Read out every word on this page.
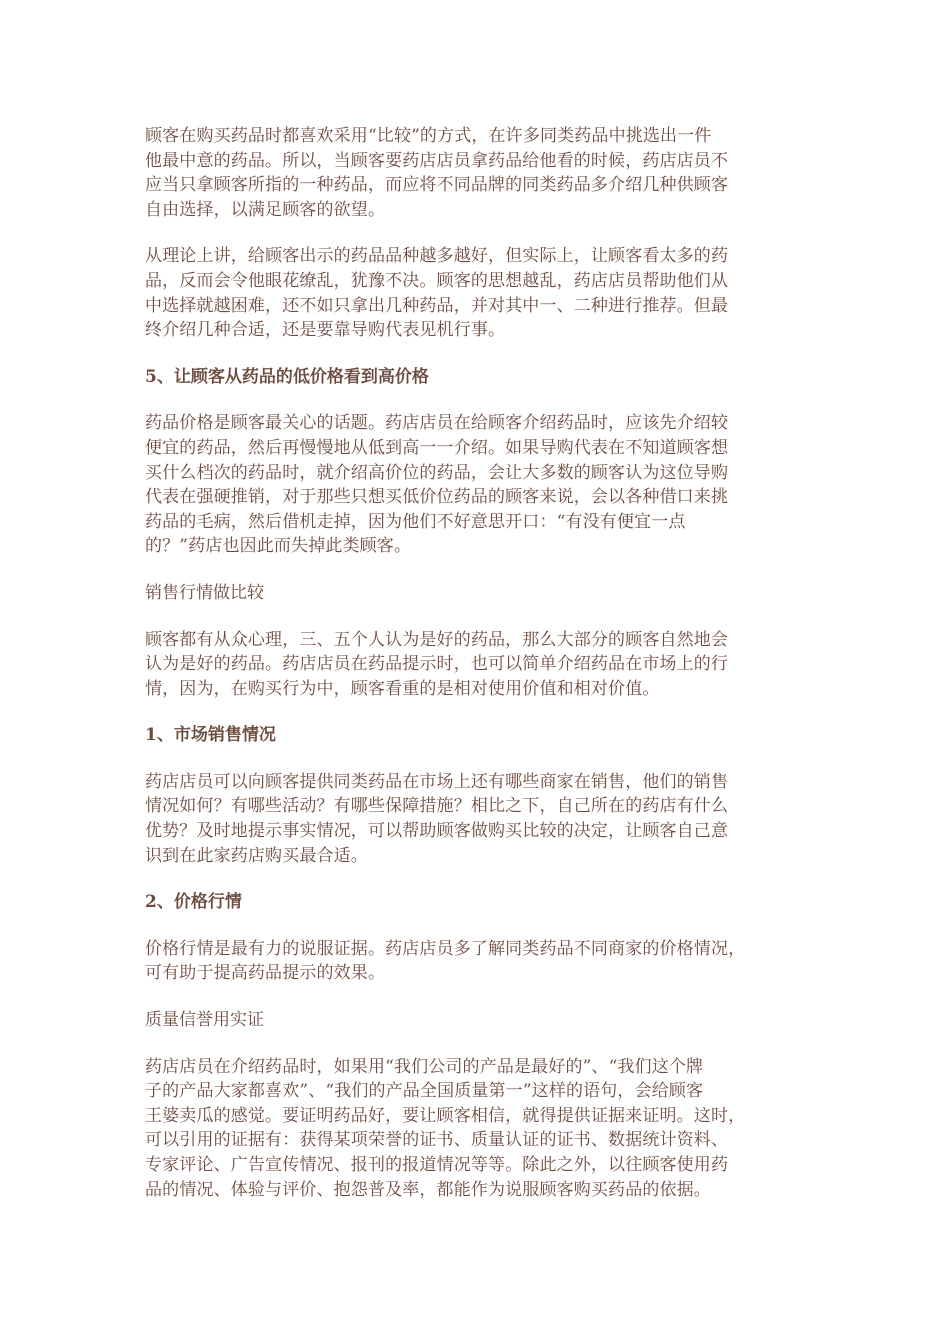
顾客在购买药品时都喜欢采用“比较”的方式，在许多同类药品中挑选出一件
他最中意的药品。所以，当顾客要药店店员拿药品给他看的时候，药店店员不
应当只拿顾客所指的一种药品，而应将不同品牌的同类药品多介绍几种供顾客
自由选择，以满足顾客的欲望。

从理论上讲，给顾客出示的药品品种越多越好，但实际上，让顾客看太多的药
品，反而会令他眼花缭乱，犹豫不决。顾客的思想越乱，药店店员帮助他们从
中选择就越困难，还不如只拿出几种药品，并对其中一、二种进行推荐。但最
终介绍几种合适，还是要靠导购代表见机行事。

5、让顾客从药品的低价格看到高价格

药品价格是顾客最关心的话题。药店店员在给顾客介绍药品时，应该先介绍较
便宜的药品，然后再慢慢地从低到高一一介绍。如果导购代表在不知道顾客想
买什么档次的药品时，就介绍高价位的药品，会让大多数的顾客认为这位导购
代表在强硬推销，对于那些只想买低价位药品的顾客来说，会以各种借口来挑
药品的毛病，然后借机走掉，因为他们不好意思开口：“有没有便宜一点
的？”药店也因此而失掉此类顾客。

销售行情做比较

顾客都有从众心理，三、五个人认为是好的药品，那么大部分的顾客自然地会
认为是好的药品。药店店员在药品提示时，也可以简单介绍药品在市场上的行
情，因为，在购买行为中，顾客看重的是相对使用价值和相对价值。

1、市场销售情况

药店店员可以向顾客提供同类药品在市场上还有哪些商家在销售，他们的销售
情况如何？有哪些活动？有哪些保障措施？相比之下，自己所在的药店有什么
优势？及时地提示事实情况，可以帮助顾客做购买比较的决定，让顾客自己意
识到在此家药店购买最合适。

2、价格行情

价格行情是最有力的说服证据。药店店员多了解同类药品不同商家的价格情况，
可有助于提高药品提示的效果。

质量信誉用实证

药店店员在介绍药品时，如果用“我们公司的产品是最好的”、“我们这个牌
子的产品大家都喜欢”、“我们的产品全国质量第一”这样的语句，会给顾客
王婆卖瓜的感觉。要证明药品好，要让顾客相信，就得提供证据来证明。这时，
可以引用的证据有：获得某项荣誉的证书、质量认证的证书、数据统计资料、
专家评论、广告宣传情况、报刊的报道情况等等。除此之外，以往顾客使用药
品的情况、体验与评价、抱怨普及率，都能作为说服顾客购买药品的依据。
